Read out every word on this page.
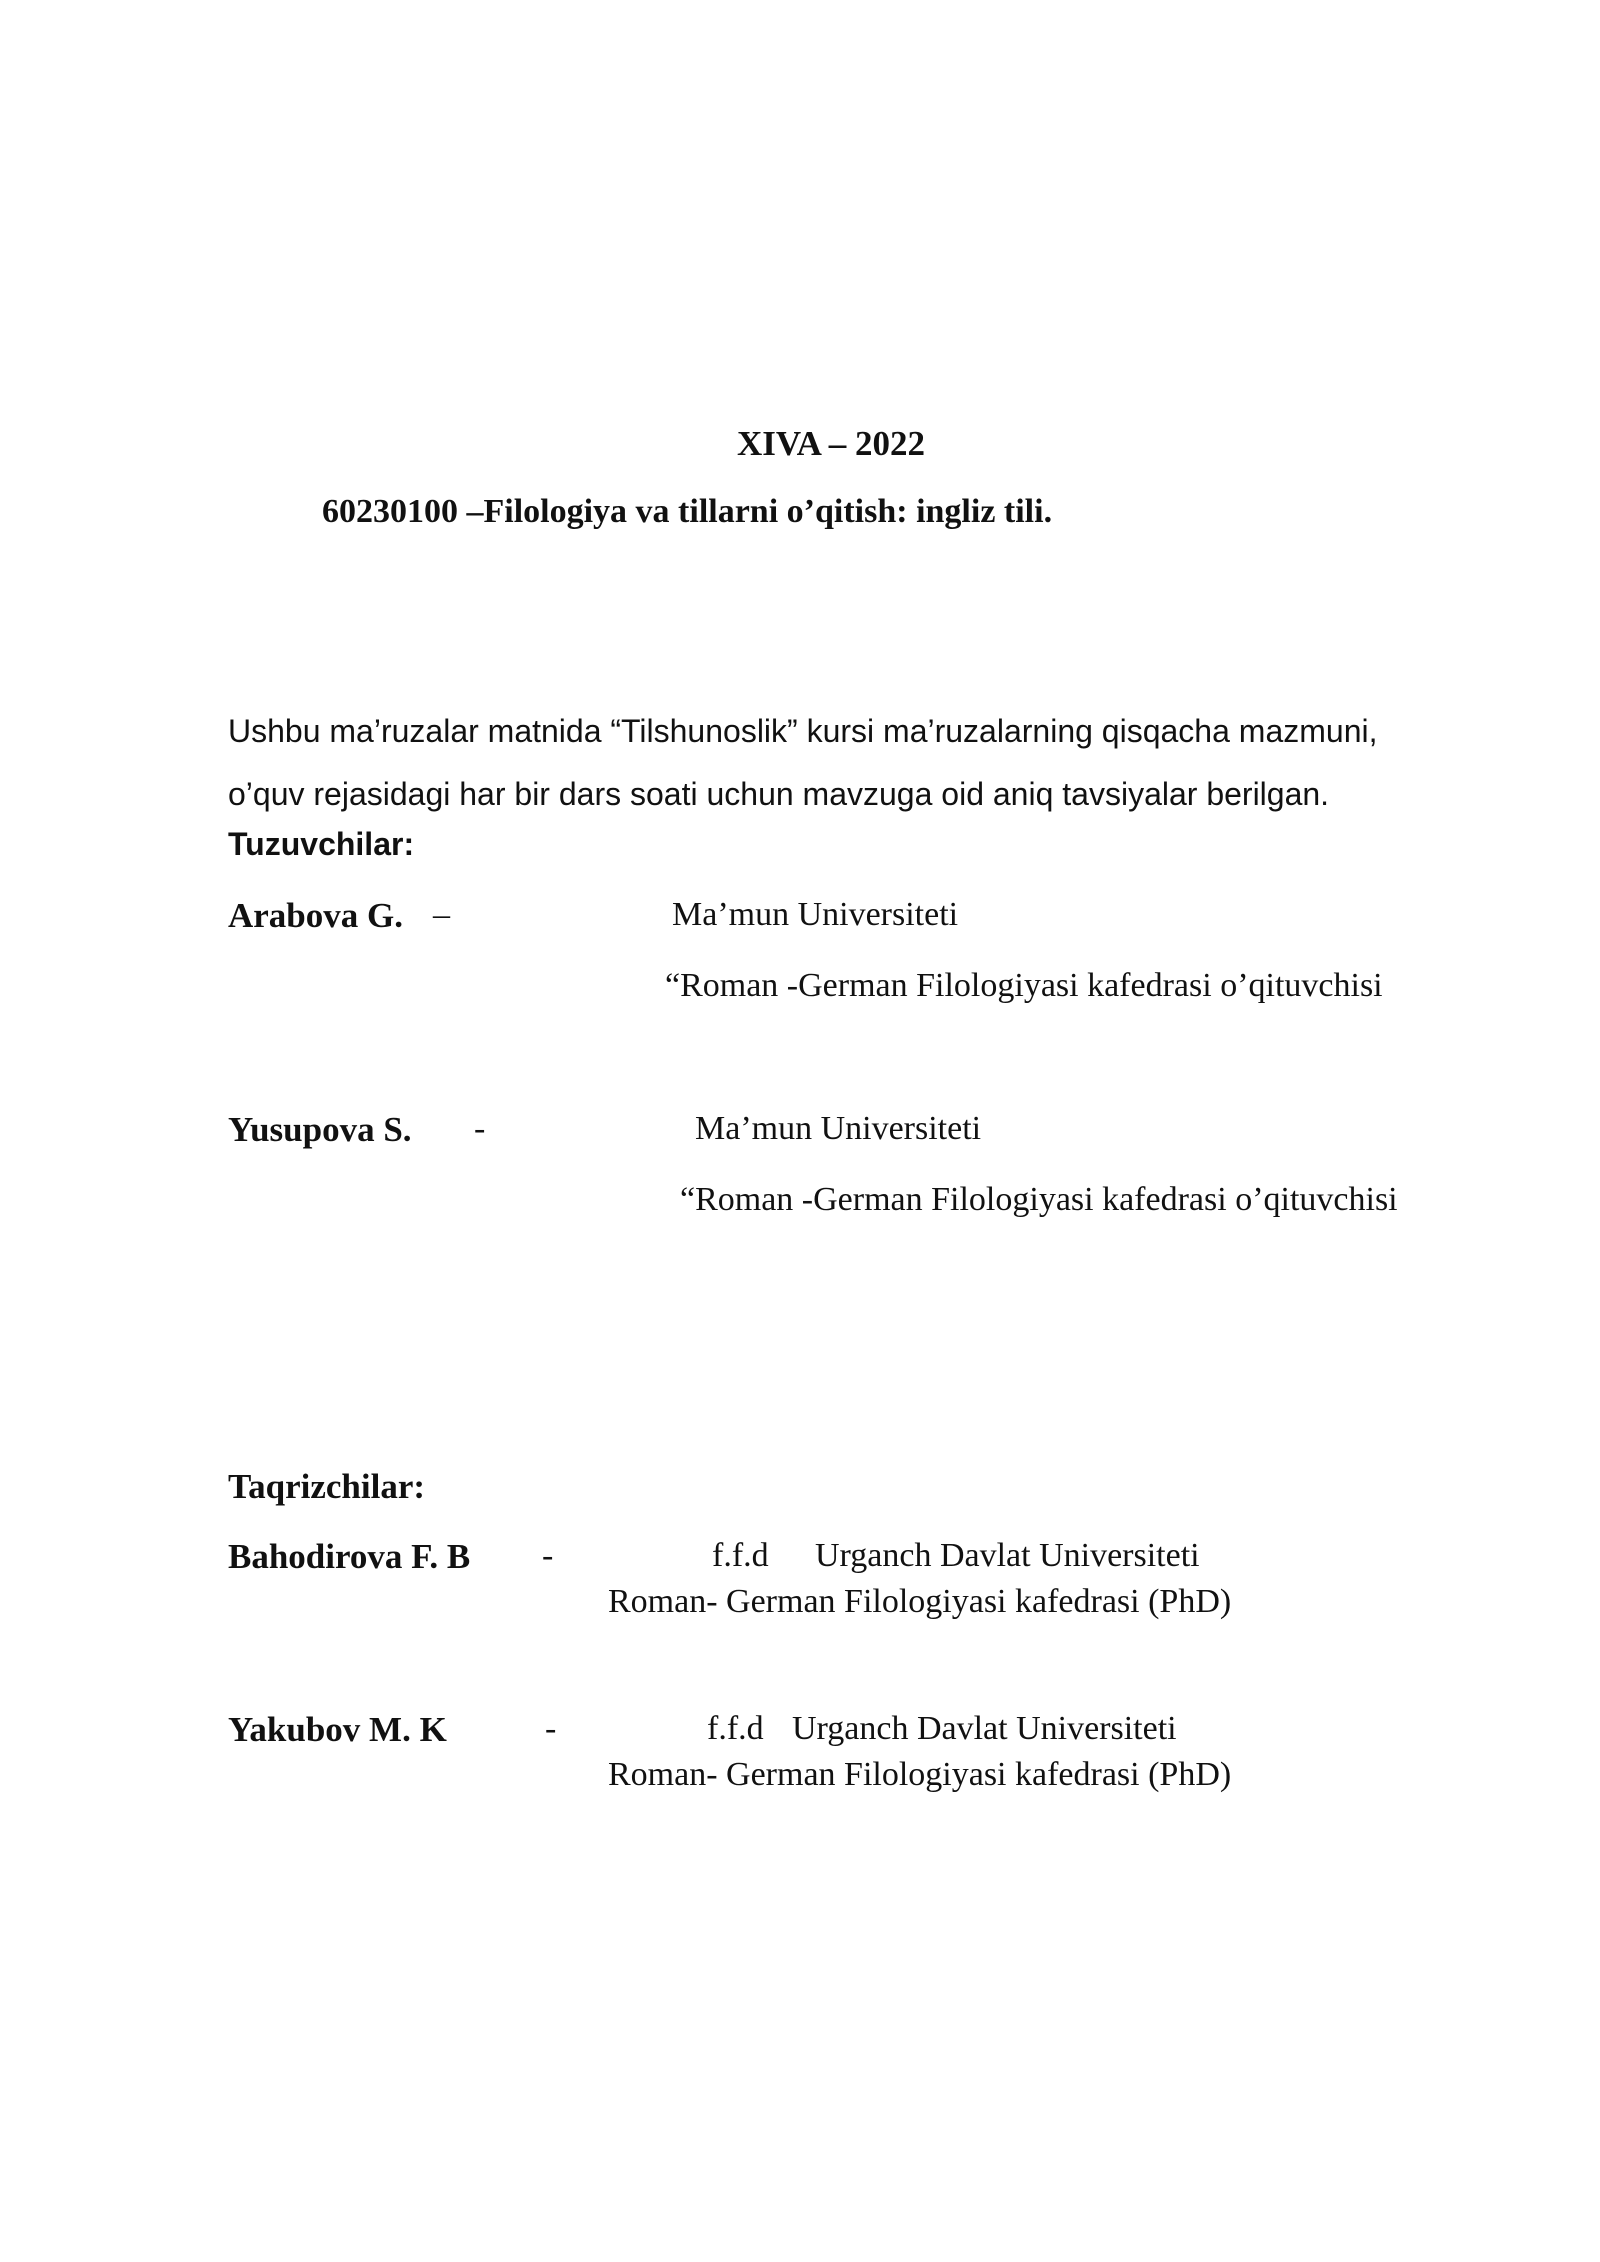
XIVA – 2022
60230100 –Filologiya va tillarni o’qitish: ingliz tili.
Ushbu ma’ruzalar matnida “Tilshunoslik” kursi ma’ruzalarning qisqacha mazmuni,
o’quv rejasidagi har bir dars soati uchun mavzuga oid aniq tavsiyalar berilgan.
Tuzuvchilar:
Arabova G. –	Ma’mun Universiteti
“Roman -German Filologiyasi kafedrasi o’qituvchisi
Yusupova S. -	Ma’mun Universiteti
“Roman -German Filologiyasi kafedrasi o’qituvchisi
Taqrizchilar:
Bahodirova F. B -	f.f.d Urganch Davlat Universiteti
Roman- German Filologiyasi kafedrasi (PhD)
Yakubov M. K	-	f.f.d Urganch Davlat Universiteti
Roman- German Filologiyasi kafedrasi (PhD)
